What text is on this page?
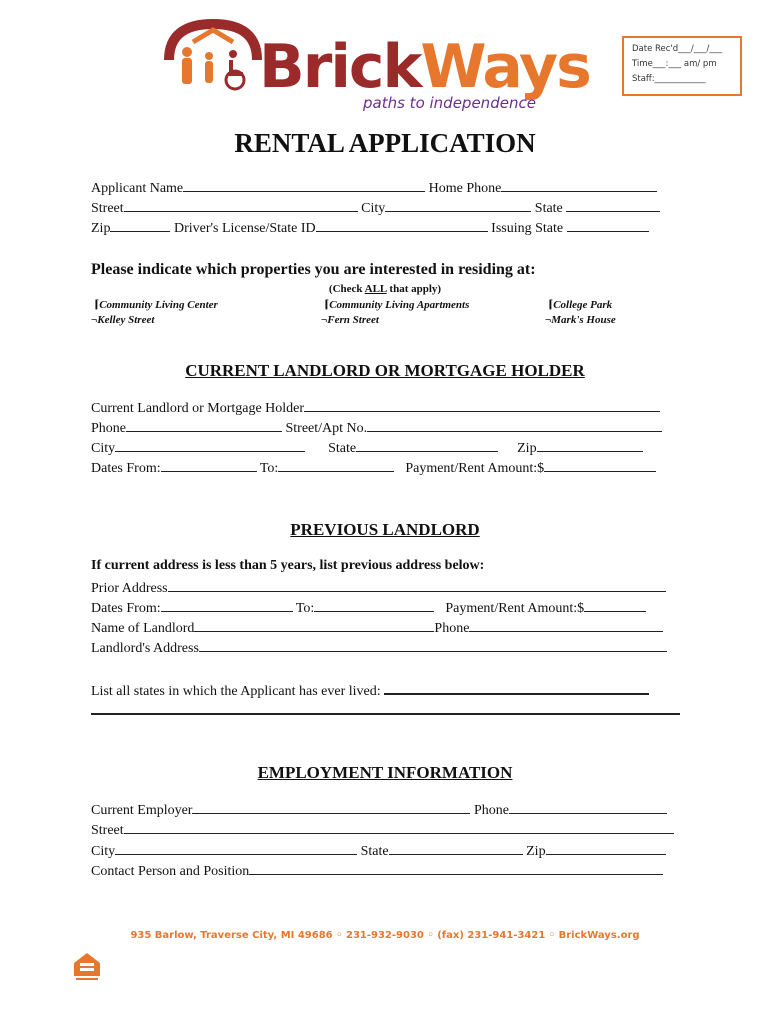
BrickWays
paths to independence
Date Rec'd___/___/___
Time___:___ am/ pm
Staff:____________
RENTAL APPLICATION
Applicant Name	Home Phone
Street	City	State
Zip	Driver's License/State ID	Issuing State
Please indicate which properties you are interested in residing at:
(Check ALL that apply)
⌈Community Living Center	⌈Community Living Apartments	⌈College Park
¬Kelley Street	¬Fern Street	¬Mark's House
CURRENT LANDLORD OR MORTGAGE HOLDER
Current Landlord or Mortgage Holder
Phone	Street/Apt No.
City	State	Zip
Dates From:	To:	Payment/Rent Amount:$
PREVIOUS LANDLORD
If current address is less than 5 years, list previous address below:
Prior Address
Dates From:	To:	Payment/Rent Amount:$
Name of Landlord	Phone
Landlord's Address
List all states in which the Applicant has ever lived:
EMPLOYMENT INFORMATION
Current Employer	Phone
Street
City	State	Zip
Contact Person and Position
935 Barlow, Traverse City, MI 49686 ◦ 231-932-9030 ◦ (fax) 231-941-3421 ◦ BrickWays.org
